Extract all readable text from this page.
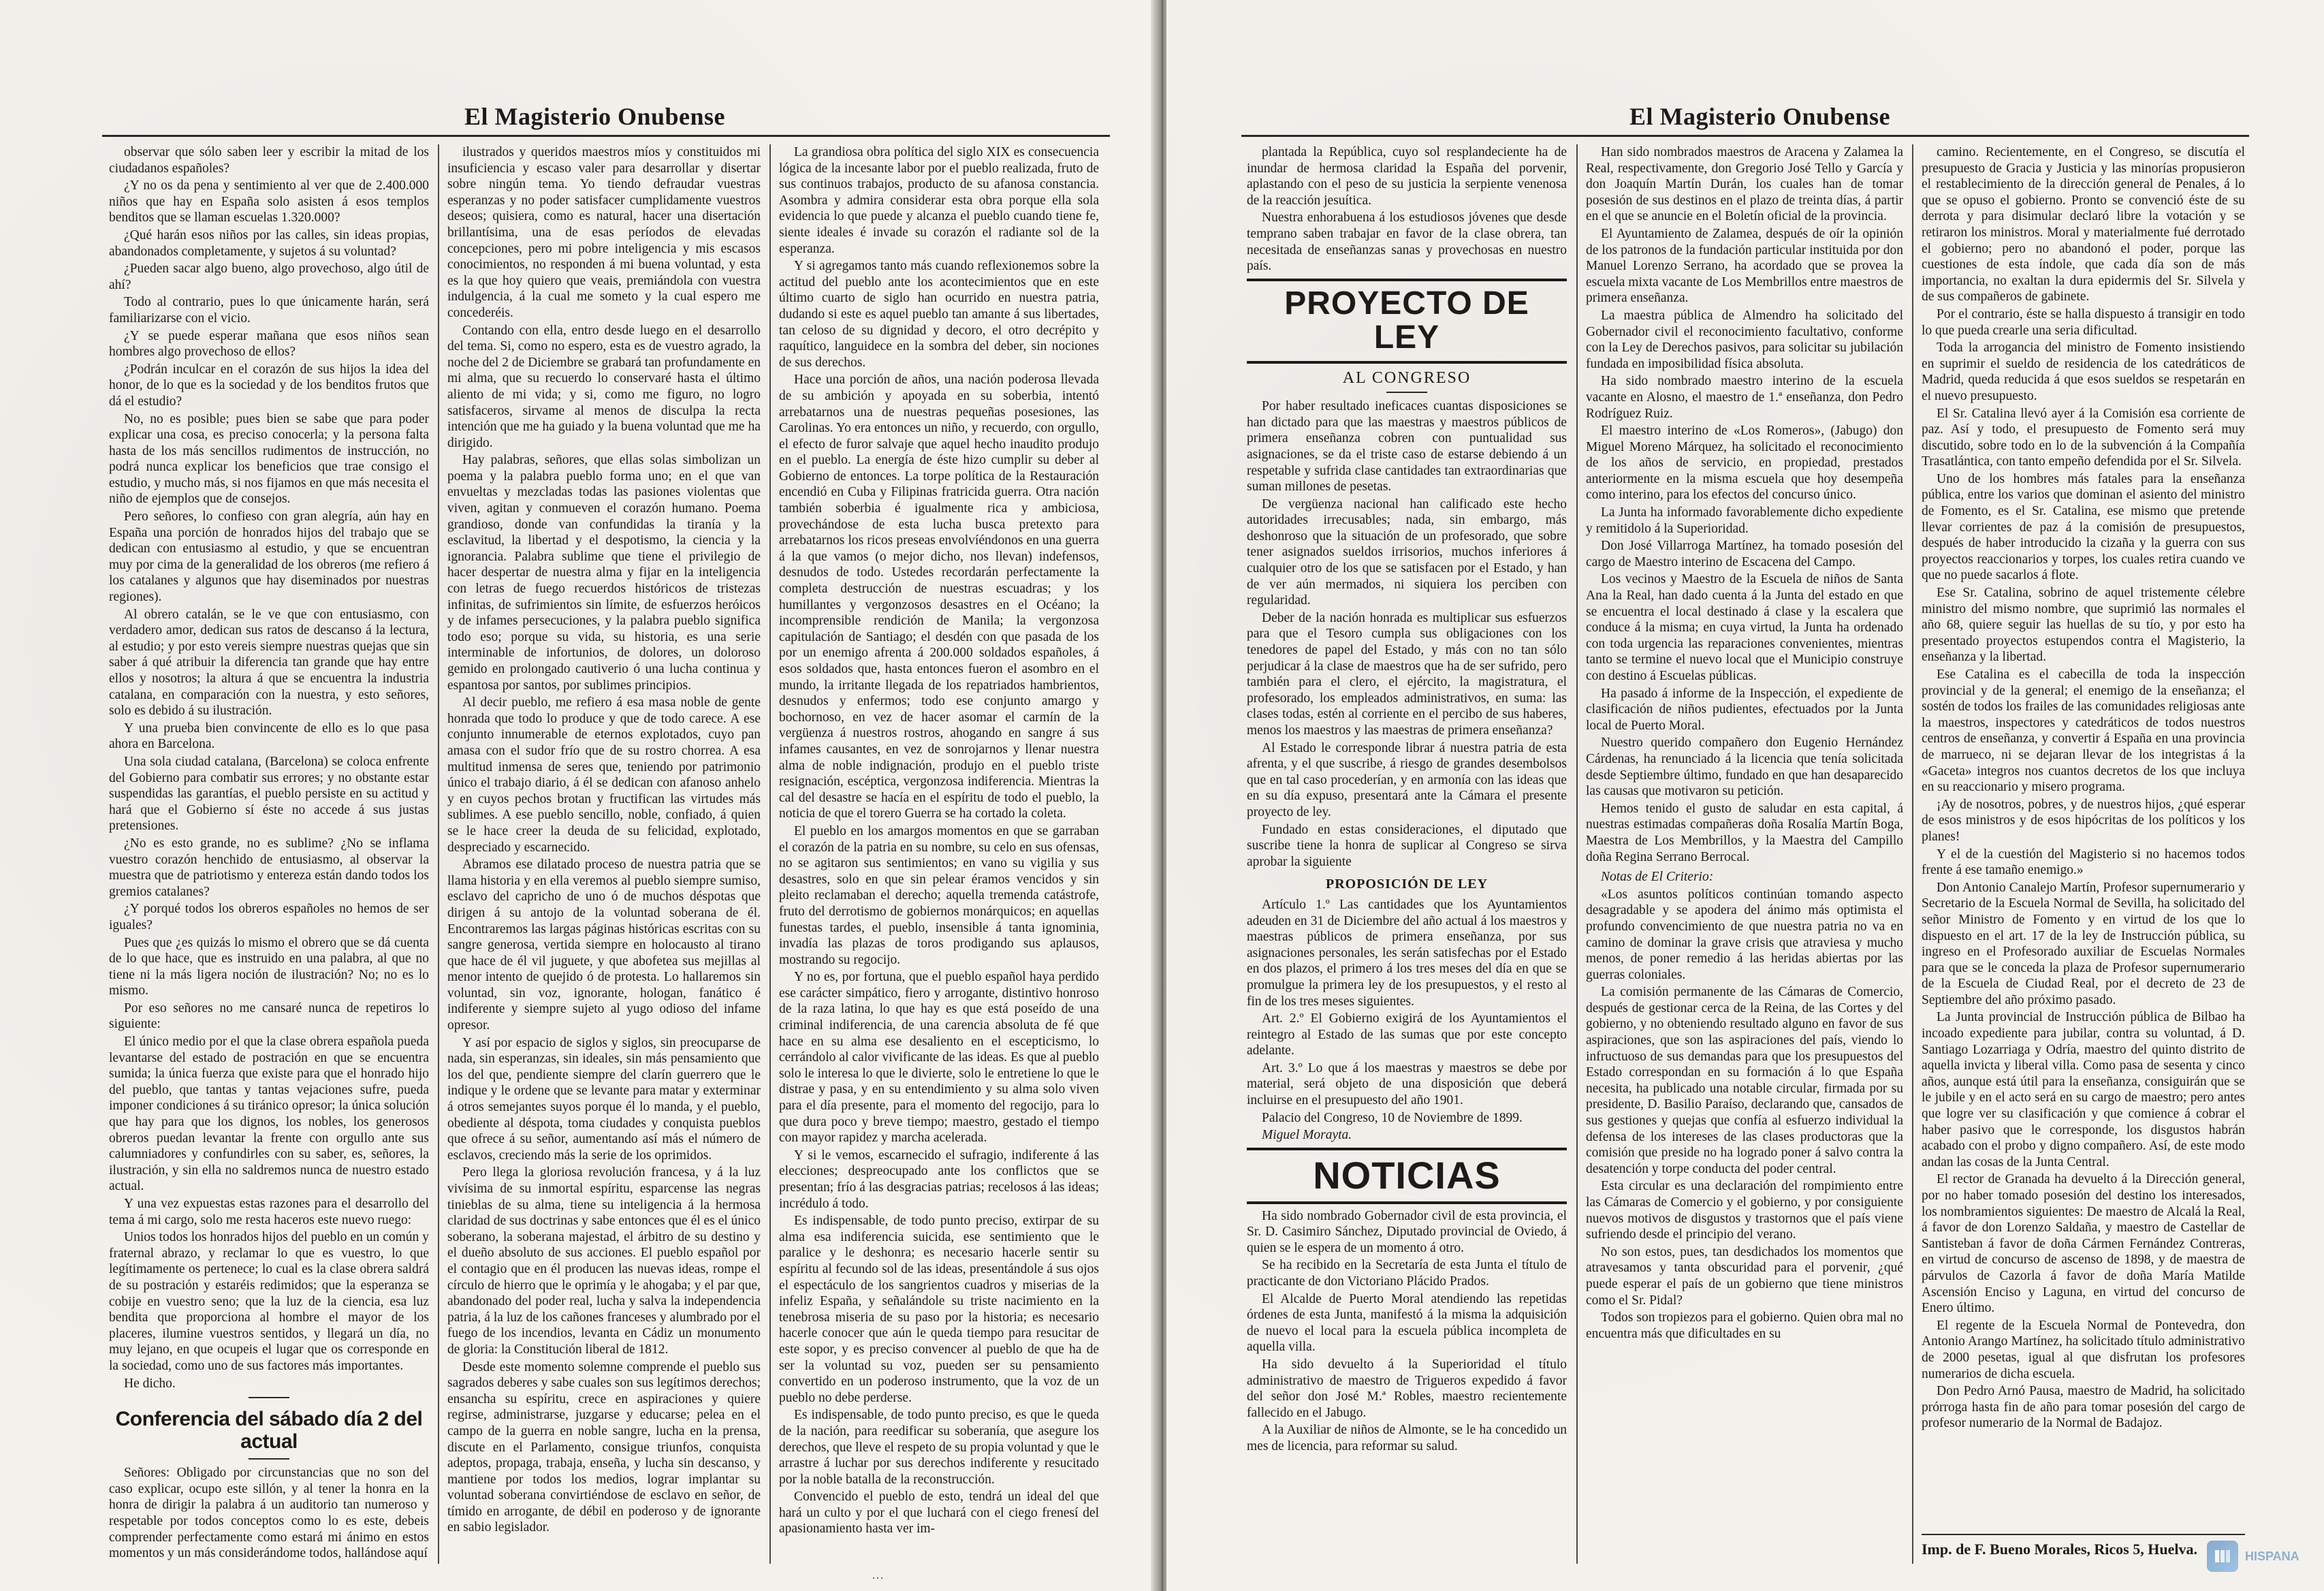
El Magisterio Onubense

observar que sólo saben leer y escribir la mitad de los ciudadanos españoles?

¿Y no os da pena y sentimiento al ver que de 2.400.000 niños que hay en España solo asisten á esos templos benditos que se llaman escuelas 1.320.000?

¿Qué harán esos niños por las calles, sin ideas propias, abandonados completamente, y sujetos á su voluntad?

¿Pueden sacar algo bueno, algo provechoso, algo útil de ahí?

Todo al contrario, pues lo que únicamente harán, será familiarizarse con el vicio.

¿Y se puede esperar mañana que esos niños sean hombres algo provechoso de ellos?

¿Podrán inculcar en el corazón de sus hijos la idea del honor, de lo que es la sociedad y de los benditos frutos que dá el estudio?

No, no es posible; pues bien se sabe que para poder explicar una cosa, es preciso conocerla; y la persona falta hasta de los más sencillos rudimentos de instrucción, no podrá nunca explicar los beneficios que trae consigo el estudio, y mucho más, si nos fijamos en que más necesita el niño de ejemplos que de consejos.

Pero señores, lo confieso con gran alegría, aún hay en España una porción de honrados hijos del trabajo que se dedican con entusiasmo al estudio, y que se encuentran muy por cima de la generalidad de los obreros (me refiero á los catalanes y algunos que hay diseminados por nuestras regiones).

Al obrero catalán, se le ve que con entusiasmo, con verdadero amor, dedican sus ratos de descanso á la lectura, al estudio; y por esto vereis siempre nuestras quejas que sin saber á qué atribuir la diferencia tan grande que hay entre ellos y nosotros; la altura á que se encuentra la industria catalana, en comparación con la nuestra, y esto señores, solo es debido á su ilustración.

Y una prueba bien convincente de ello es lo que pasa ahora en Barcelona.

Una sola ciudad catalana, (Barcelona) se coloca enfrente del Gobierno para combatir sus errores; y no obstante estar suspendidas las garantías, el pueblo persiste en su actitud y hará que el Gobierno sí éste no accede á sus justas pretensiones.

¿No es esto grande, no es sublime? ¿No se inflama vuestro corazón henchido de entusiasmo, al observar la muestra que de patriotismo y entereza están dando todos los gremios catalanes?

¿Y porqué todos los obreros españoles no hemos de ser iguales?

Pues que ¿es quizás lo mismo el obrero que se dá cuenta de lo que hace, que es instruido en una palabra, al que no tiene ni la más ligera noción de ilustración? No; no es lo mismo.

Por eso señores no me cansaré nunca de repetiros lo siguiente:

El único medio por el que la clase obrera española pueda levantarse del estado de postración en que se encuentra sumida; la única fuerza que existe para que el honrado hijo del pueblo, que tantas y tantas vejaciones sufre, pueda imponer condiciones á su tiránico opresor; la única solución que hay para que los dignos, los nobles, los generosos obreros puedan levantar la frente con orgullo ante sus calumniadores y confundirles con su saber, es, señores, la ilustración, y sin ella no saldremos nunca de nuestro estado actual.

Y una vez expuestas estas razones para el desarrollo del tema á mi cargo, solo me resta haceros este nuevo ruego:

Unios todos los honrados hijos del pueblo en un común y fraternal abrazo, y reclamar lo que es vuestro, lo que legítimamente os pertenece; lo cual es la clase obrera saldrá de su postración y estaréis redimidos; que la esperanza se cobije en vuestro seno; que la luz de la ciencia, esa luz bendita que proporciona al hombre el mayor de los placeres, ilumine vuestros sentidos, y llegará un día, no muy lejano, en que ocupeis el lugar que os corresponde en la sociedad, como uno de sus factores más importantes.

He dicho.

Conferencia del sábado día 2 del actual

Señores: Obligado por circunstancias que no son del caso explicar, ocupo este sillón, y al tener la honra en la honra de dirigir la palabra á un auditorio tan numeroso y respetable por todos conceptos como lo es este, debeis comprender perfectamente como estará mi ánimo en estos momentos y un más considerándome todos, hallándose aquí

ilustrados y queridos maestros míos y constituidos mi insuficiencia y escaso valer para desarrollar y disertar sobre ningún tema. Yo tiendo defraudar vuestras esperanzas y no poder satisfacer cumplidamente vuestros deseos; quisiera, como es natural, hacer una disertación brillantísima, una de esas períodos de elevadas concepciones, pero mi pobre inteligencia y mis escasos conocimientos, no responden á mi buena voluntad, y esta es la que hoy quiero que veais, premiándola con vuestra indulgencia, á la cual me someto y la cual espero me concederéis.

Contando con ella, entro desde luego en el desarrollo del tema. Si, como no espero, esta es de vuestro agrado, la noche del 2 de Diciembre se grabará tan profundamente en mi alma, que su recuerdo lo conservaré hasta el último aliento de mi vida; y si, como me figuro, no logro satisfaceros, sirvame al menos de disculpa la recta intención que me ha guiado y la buena voluntad que me ha dirigido.

Hay palabras, señores, que ellas solas simbolizan un poema y la palabra pueblo forma uno; en el que van envueltas y mezcladas todas las pasiones violentas que viven, agitan y conmueven el corazón humano. Poema grandioso, donde van confundidas la tiranía y la esclavitud, la libertad y el despotismo, la ciencia y la ignorancia. Palabra sublime que tiene el privilegio de hacer despertar de nuestra alma y fijar en la inteligencia con letras de fuego recuerdos históricos de tristezas infinitas, de sufrimientos sin límite, de esfuerzos heróicos y de infames persecuciones, y la palabra pueblo significa todo eso; porque su vida, su historia, es una serie interminable de infortunios, de dolores, un doloroso gemido en prolongado cautiverio ó una lucha continua y espantosa por santos, por sublimes principios.

Al decir pueblo, me refiero á esa masa noble de gente honrada que todo lo produce y que de todo carece. A ese conjunto innumerable de eternos explotados, cuyo pan amasa con el sudor frío que de su rostro chorrea. A esa multitud inmensa de seres que, teniendo por patrimonio único el trabajo diario, á él se dedican con afanoso anhelo y en cuyos pechos brotan y fructifican las virtudes más sublimes. A ese pueblo sencillo, noble, confiado, á quien se le hace creer la deuda de su felicidad, explotado, despreciado y escarnecido.

Abramos ese dilatado proceso de nuestra patria que se llama historia y en ella veremos al pueblo siempre sumiso, esclavo del capricho de uno ó de muchos déspotas que dirigen á su antojo de la voluntad soberana de él. Encontraremos las largas páginas históricas escritas con su sangre generosa, vertida siempre en holocausto al tirano que hace de él vil juguete, y que abofetea sus mejillas al menor intento de quejido ó de protesta. Lo hallaremos sin voluntad, sin voz, ignorante, hologan, fanático é indiferente y siempre sujeto al yugo odioso del infame opresor.

Y así por espacio de siglos y siglos, sin preocuparse de nada, sin esperanzas, sin ideales, sin más pensamiento que los del que, pendiente siempre del clarín guerrero que le indique y le ordene que se levante para matar y exterminar á otros semejantes suyos porque él lo manda, y el pueblo, obediente al déspota, toma ciudades y conquista pueblos que ofrece á su señor, aumentando así más el número de esclavos, creciendo más la serie de los oprimidos.

Pero llega la gloriosa revolución francesa, y á la luz vivísima de su inmortal espíritu, esparcense las negras tinieblas de su alma, tiene su inteligencia á la hermosa claridad de sus doctrinas y sabe entonces que él es el único soberano, la soberana majestad, el árbitro de su destino y el dueño absoluto de sus acciones. El pueblo español por el contagio que en él producen las nuevas ideas, rompe el círculo de hierro que le oprimía y le ahogaba; y el par que, abandonado del poder real, lucha y salva la independencia patria, á la luz de los cañones franceses y alumbrado por el fuego de los incendios, levanta en Cádiz un monumento de gloria: la Constitución liberal de 1812.

Desde este momento solemne comprende el pueblo sus sagrados deberes y sabe cuales son sus legítimos derechos; ensancha su espíritu, crece en aspiraciones y quiere regirse, administrarse, juzgarse y educarse; pelea en el campo de la guerra en noble sangre, lucha en la prensa, discute en el Parlamento, consigue triunfos, conquista adeptos, propaga, trabaja, enseña, y lucha sin descanso, y mantiene por todos los medios, lograr implantar su voluntad soberana convirtiéndose de esclavo en señor, de tímido en arrogante, de débil en poderoso y de ignorante en sabio legislador.

La grandiosa obra política del siglo XIX es consecuencia lógica de la incesante labor por el pueblo realizada, fruto de sus continuos trabajos, producto de su afanosa constancia. Asombra y admira considerar esta obra porque ella sola evidencia lo que puede y alcanza el pueblo cuando tiene fe, siente ideales é invade su corazón el radiante sol de la esperanza.

Y si agregamos tanto más cuando reflexionemos sobre la actitud del pueblo ante los acontecimientos que en este último cuarto de siglo han ocurrido en nuestra patria, dudando si este es aquel pueblo tan amante á sus libertades, tan celoso de su dignidad y decoro, el otro decrépito y raquítico, languidece en la sombra del deber, sin nociones de sus derechos.

Hace una porción de años, una nación poderosa llevada de su ambición y apoyada en su soberbia, intentó arrebatarnos una de nuestras pequeñas posesiones, las Carolinas. Yo era entonces un niño, y recuerdo, con orgullo, el efecto de furor salvaje que aquel hecho inaudito produjo en el pueblo. La energía de éste hizo cumplir su deber al Gobierno de entonces. La torpe política de la Restauración encendió en Cuba y Filipinas fratricida guerra. Otra nación también soberbia é igualmente rica y ambiciosa, provechándose de esta lucha busca pretexto para arrebatarnos los ricos preseas envolvíéndonos en una guerra á la que vamos (o mejor dicho, nos llevan) indefensos, desnudos de todo. Ustedes recordarán perfectamente la completa destrucción de nuestras escuadras; y los humillantes y vergonzosos desastres en el Océano; la incomprensible rendición de Manila; la vergonzosa capitulación de Santiago; el desdén con que pasada de los por un enemigo afrenta á 200.000 soldados españoles, á esos soldados que, hasta entonces fueron el asombro en el mundo, la irritante llegada de los repatriados hambrientos, desnudos y enfermos; todo ese conjunto amargo y bochornoso, en vez de hacer asomar el carmín de la vergüenza á nuestros rostros, ahogando en sangre á sus infames causantes, en vez de sonrojarnos y llenar nuestra alma de noble indignación, produjo en el pueblo triste resignación, escéptica, vergonzosa indiferencia. Mientras la cal del desastre se hacía en el espíritu de todo el pueblo, la noticia de que el torero Guerra se ha cortado la coleta.

El pueblo en los amargos momentos en que se garraban el corazón de la patria en su nombre, su celo en sus ofensas, no se agitaron sus sentimientos; en vano su vigilia y sus desastres, solo en que sin pelear éramos vencidos y sin pleito reclamaban el derecho; aquella tremenda catástrofe, fruto del derrotismo de gobiernos monárquicos; en aquellas funestas tardes, el pueblo, insensible á tanta ignominia, invadía las plazas de toros prodigando sus aplausos, mostrando su regocijo.

Y no es, por fortuna, que el pueblo español haya perdido ese carácter simpático, fiero y arrogante, distintivo honroso de la raza latina, lo que hay es que está poseído de una criminal indiferencia, de una carencia absoluta de fé que hace en su alma ese desaliento en el escepticismo, lo cerrándolo al calor vivificante de las ideas. Es que al pueblo solo le interesa lo que le divierte, solo le entretiene lo que le distrae y pasa, y en su entendimiento y su alma solo viven para el día presente, para el momento del regocijo, para lo que dura poco y breve tiempo; maestro, gestado el tiempo con mayor rapidez y marcha acelerada.

Y si le vemos, escarnecido el sufragio, indiferente á las elecciones; despreocupado ante los conflictos que se presentan; frío á las desgracias patrias; recelosos á las ideas; incrédulo á todo.

Es indispensable, de todo punto preciso, extirpar de su alma esa indiferencia suicida, ese sentimiento que le paralice y le deshonra; es necesario hacerle sentir su espíritu al fecundo sol de las ideas, presentándole á sus ojos el espectáculo de los sangrientos cuadros y miserias de la infeliz España, y señalándole su triste nacimiento en la tenebrosa miseria de su paso por la historia; es necesario hacerle conocer que aún le queda tiempo para resucitar de este sopor, y es preciso convencer al pueblo de que ha de ser la voluntad su voz, pueden ser su pensamiento convertido en un poderoso instrumento, que la voz de un pueblo no debe perderse.

Es indispensable, de todo punto preciso, es que le queda de la nación, para reedificar su soberanía, que asegure los derechos, que lleve el respeto de su propia voluntad y que le arrastre á luchar por sus derechos indiferente y resucitado por la noble batalla de la reconstrucción.

Convencido el pueblo de esto, tendrá un ideal del que hará un culto y por el que luchará con el ciego frenesí del apasionamiento hasta ver im-

···
El Magisterio Onubense

plantada la República, cuyo sol resplandeciente ha de inundar de hermosa claridad la España del porvenir, aplastando con el peso de su justicia la serpiente venenosa de la reacción jesuítica.

Nuestra enhorabuena á los estudiosos jóvenes que desde temprano saben trabajar en favor de la clase obrera, tan necesitada de enseñanzas sanas y provechosas en nuestro país.

PROYECTO DE LEY
AL CONGRESO

Por haber resultado ineficaces cuantas disposiciones se han dictado para que las maestras y maestros públicos de primera enseñanza cobren con puntualidad sus asignaciones, se da el triste caso de estarse debiendo á un respetable y sufrida clase cantidades tan extraordinarias que suman millones de pesetas.

De vergüenza nacional han calificado este hecho autoridades irrecusables; nada, sin embargo, más deshonroso que la situación de un profesorado, que sobre tener asignados sueldos irrisorios, muchos inferiores á cualquier otro de los que se satisfacen por el Estado, y han de ver aún mermados, ni siquiera los perciben con regularidad.

Deber de la nación honrada es multiplicar sus esfuerzos para que el Tesoro cumpla sus obligaciones con los tenedores de papel del Estado, y más con no tan sólo perjudicar á la clase de maestros que ha de ser sufrido, pero también para el clero, el ejército, la magistratura, el profesorado, los empleados administrativos, en suma: las clases todas, estén al corriente en el percibo de sus haberes, menos los maestros y las maestras de primera enseñanza?

Al Estado le corresponde librar á nuestra patria de esta afrenta, y el que suscribe, á riesgo de grandes desembolsos que en tal caso procederían, y en armonía con las ideas que en su día expuso, presentará ante la Cámara el presente proyecto de ley.

Fundado en estas consideraciones, el diputado que suscribe tiene la honra de suplicar al Congreso se sirva aprobar la siguiente

PROPOSICIÓN DE LEY

Artículo 1.º Las cantidades que los Ayuntamientos adeuden en 31 de Diciembre del año actual á los maestros y maestras públicos de primera enseñanza, por sus asignaciones personales, les serán satisfechas por el Estado en dos plazos, el primero á los tres meses del día en que se promulgue la primera ley de los presupuestos, y el resto al fin de los tres meses siguientes.

Art. 2.º El Gobierno exigirá de los Ayuntamientos el reintegro al Estado de las sumas que por este concepto adelante.

Art. 3.º Lo que á los maestras y maestros se debe por material, será objeto de una disposición que deberá incluirse en el presupuesto del año 1901.

Palacio del Congreso, 10 de Noviembre de 1899.

Miguel Morayta.
NOTICIAS

Ha sido nombrado Gobernador civil de esta provincia, el Sr. D. Casimiro Sánchez, Diputado provincial de Oviedo, á quien se le espera de un momento á otro.

Se ha recibido en la Secretaría de esta Junta el título de practicante de don Victoriano Plácido Prados.

El Alcalde de Puerto Moral atendiendo las repetidas órdenes de esta Junta, manifestó á la misma la adquisición de nuevo el local para la escuela pública incompleta de aquella villa.

Ha sido devuelto á la Superioridad el título administrativo de maestro de Trigueros expedido á favor del señor don José M.ª Robles, maestro recientemente fallecido en el Jabugo.

A la Auxiliar de niños de Almonte, se le ha concedido un mes de licencia, para reformar su salud.

Han sido nombrados maestros de Aracena y Zalamea la Real, respectivamente, don Gregorio José Tello y García y don Joaquín Martín Durán, los cuales han de tomar posesión de sus destinos en el plazo de treinta días, á partir en el que se anuncie en el Boletín oficial de la provincia.

El Ayuntamiento de Zalamea, después de oír la opinión de los patronos de la fundación particular instituida por don Manuel Lorenzo Serrano, ha acordado que se provea la escuela mixta vacante de Los Membrillos entre maestros de primera enseñanza.

La maestra pública de Almendro ha solicitado del Gobernador civil el reconocimiento facultativo, conforme con la Ley de Derechos pasivos, para solicitar su jubilación fundada en imposibilidad física absoluta.

Ha sido nombrado maestro interino de la escuela vacante en Alosno, el maestro de 1.ª enseñanza, don Pedro Rodríguez Ruiz.

El maestro interino de «Los Romeros», (Jabugo) don Miguel Moreno Márquez, ha solicitado el reconocimiento de los años de servicio, en propiedad, prestados anteriormente en la misma escuela que hoy desempeña como interino, para los efectos del concurso único.

La Junta ha informado favorablemente dicho expediente y remitidolo á la Superioridad.

Don José Villarroga Martínez, ha tomado posesión del cargo de Maestro interino de Escacena del Campo.

Los vecinos y Maestro de la Escuela de niños de Santa Ana la Real, han dado cuenta á la Junta del estado en que se encuentra el local destinado á clase y la escalera que conduce á la misma; en cuya virtud, la Junta ha ordenado con toda urgencia las reparaciones convenientes, mientras tanto se termine el nuevo local que el Municipio construye con destino á Escuelas públicas.

Ha pasado á informe de la Inspección, el expediente de clasificación de niños pudientes, efectuados por la Junta local de Puerto Moral.

Nuestro querido compañero don Eugenio Hernández Cárdenas, ha renunciado á la licencia que tenía solicitada desde Septiembre último, fundado en que han desaparecido las causas que motivaron su petición.

Hemos tenido el gusto de saludar en esta capital, á nuestras estimadas compañeras doña Rosalía Martín Boga, Maestra de Los Membrillos, y la Maestra del Campillo doña Regina Serrano Berrocal.

Notas de El Criterio:

«Los asuntos políticos continúan tomando aspecto desagradable y se apodera del ánimo más optimista el profundo convencimiento de que nuestra patria no va en camino de dominar la grave crisis que atraviesa y mucho menos, de poner remedio á las heridas abiertas por las guerras coloniales.

La comisión permanente de las Cámaras de Comercio, después de gestionar cerca de la Reina, de las Cortes y del gobierno, y no obteniendo resultado alguno en favor de sus aspiraciones, que son las aspiraciones del país, viendo lo infructuoso de sus demandas para que los presupuestos del Estado correspondan en su formación á lo que España necesita, ha publicado una notable circular, firmada por su presidente, D. Basilio Paraíso, declarando que, cansados de sus gestiones y quejas que confía al esfuerzo individual la defensa de los intereses de las clases productoras que la comisión que preside no ha logrado poner á salvo contra la desatención y torpe conducta del poder central.

Esta circular es una declaración del rompimiento entre las Cámaras de Comercio y el gobierno, y por consiguiente nuevos motivos de disgustos y trastornos que el país viene sufriendo desde el principio del verano.

No son estos, pues, tan desdichados los momentos que atravesamos y tanta obscuridad para el porvenir, ¿qué puede esperar el país de un gobierno que tiene ministros como el Sr. Pidal?

Todos son tropiezos para el gobierno. Quien obra mal no encuentra más que dificultades en su

camino. Recientemente, en el Congreso, se discutía el presupuesto de Gracia y Justicia y las minorías propusieron el restablecimiento de la dirección general de Penales, á lo que se opuso el gobierno. Pronto se convenció éste de su derrota y para disimular declaró libre la votación y se retiraron los ministros. Moral y materialmente fué derrotado el gobierno; pero no abandonó el poder, porque las cuestiones de esta índole, que cada día son de más importancia, no exaltan la dura epidermis del Sr. Silvela y de sus compañeros de gabinete.

Por el contrario, éste se halla dispuesto á transigir en todo lo que pueda crearle una seria dificultad.

Toda la arrogancia del ministro de Fomento insistiendo en suprimir el sueldo de residencia de los catedráticos de Madrid, queda reducida á que esos sueldos se respetarán en el nuevo presupuesto.

El Sr. Catalina llevó ayer á la Comisión esa corriente de paz. Así y todo, el presupuesto de Fomento será muy discutido, sobre todo en lo de la subvención á la Compañía Trasatlántica, con tanto empeño defendida por el Sr. Silvela.

Uno de los hombres más fatales para la enseñanza pública, entre los varios que dominan el asiento del ministro de Fomento, es el Sr. Catalina, ese mismo que pretende llevar corrientes de paz á la comisión de presupuestos, después de haber introducido la cizaña y la guerra con sus proyectos reaccionarios y torpes, los cuales retira cuando ve que no puede sacarlos á flote.

Ese Sr. Catalina, sobrino de aquel tristemente célebre ministro del mismo nombre, que suprimió las normales el año 68, quiere seguir las huellas de su tío, y por esto ha presentado proyectos estupendos contra el Magisterio, la enseñanza y la libertad.

Ese Catalina es el cabecilla de toda la inspección provincial y de la general; el enemigo de la enseñanza; el sostén de todos los frailes de las comunidades religiosas ante la maestros, inspectores y catedráticos de todos nuestros centros de enseñanza, y convertir á España en una provincia de marrueco, ni se dejaran llevar de los integristas á la «Gaceta» integros nos cuantos decretos de los que incluya en su reaccionario y misero programa.

¡Ay de nosotros, pobres, y de nuestros hijos, ¿qué esperar de esos ministros y de esos hipócritas de los políticos y los planes!

Y el de la cuestión del Magisterio si no hacemos todos frente á ese tamaño enemigo.»

Don Antonio Canalejo Martín, Profesor supernumerario y Secretario de la Escuela Normal de Sevilla, ha solicitado del señor Ministro de Fomento y en virtud de los que lo dispuesto en el art. 17 de la ley de Instrucción pública, su ingreso en el Profesorado auxiliar de Escuelas Normales para que se le conceda la plaza de Profesor supernumerario de la Escuela de Ciudad Real, por el decreto de 23 de Septiembre del año próximo pasado.

La Junta provincial de Instrucción pública de Bilbao ha incoado expediente para jubilar, contra su voluntad, á D. Santiago Lozarriaga y Odría, maestro del quinto distrito de aquella invicta y liberal villa. Como pasa de sesenta y cinco años, aunque está útil para la enseñanza, consiguirán que se le jubile y en el acto será en su cargo de maestro; pero antes que logre ver su clasificación y que comience á cobrar el haber pasivo que le corresponde, los disgustos habrán acabado con el probo y digno compañero. Así, de este modo andan las cosas de la Junta Central.

El rector de Granada ha devuelto á la Dirección general, por no haber tomado posesión del destino los interesados, los nombramientos siguientes: De maestro de Alcalá la Real, á favor de don Lorenzo Saldaña, y maestro de Castellar de Santisteban á favor de doña Cármen Fernández Contreras, en virtud de concurso de ascenso de 1898, y de maestra de párvulos de Cazorla á favor de doña María Matilde Ascensión Enciso y Laguna, en virtud del concurso de Enero último.

El regente de la Escuela Normal de Pontevedra, don Antonio Arango Martínez, ha solicitado título administrativo de 2000 pesetas, igual al que disfrutan los profesores numerarios de dicha escuela.

Don Pedro Arnó Pausa, maestro de Madrid, ha solicitado prórroga hasta fin de año para tomar posesión del cargo de profesor numerario de la Normal de Badajoz.

Imp. de F. Bueno Morales, Ricos 5, Huelva.	HISPANA
